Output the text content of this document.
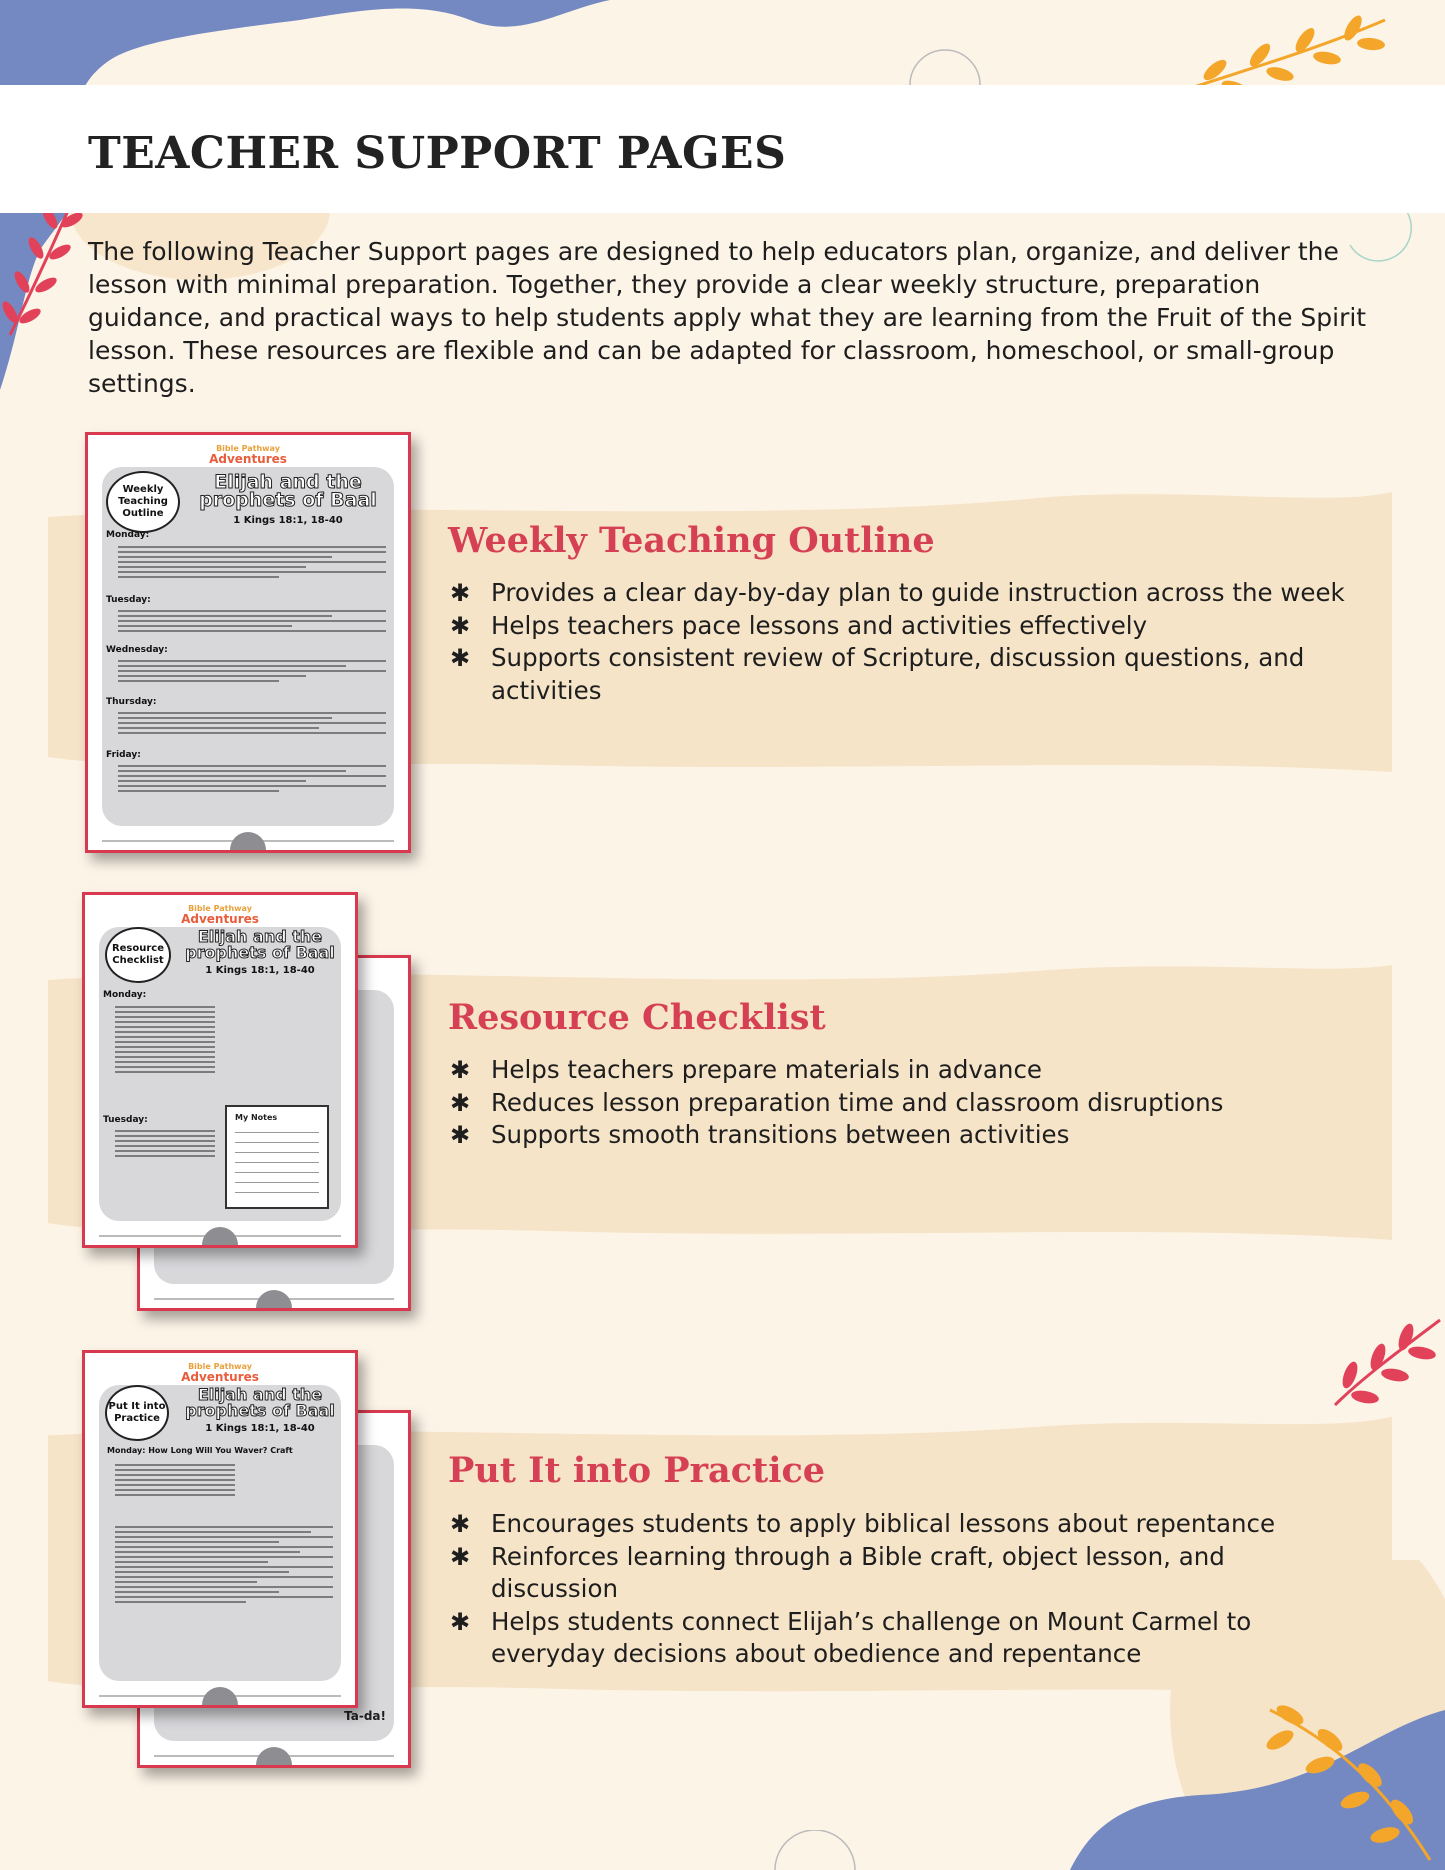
TEACHER SUPPORT PAGES

The following Teacher Support pages are designed to help educators plan, organize, and deliver the lesson with minimal preparation. Together, they provide a clear weekly structure, preparation guidance, and practical ways to help students apply what they are learning from the Fruit of the Spirit lesson. These resources are flexible and can be adapted for classroom, homeschool, or small-group settings.

Bible Pathway
Adventures
Weekly Teaching Outline
Elijah and the prophets of Baal
1 Kings 18:1, 18-40
Monday:
Tuesday:
Wednesday:
Thursday:
Friday:
Weekly Teaching Outline
✱ Provides a clear day-by-day plan to guide instruction across the week
✱ Helps teachers pace lessons and activities effectively
✱ Supports consistent review of Scripture, discussion questions, and activities
Bible Pathway
Adventures
Resource Checklist
Elijah and the prophets of Baal
1 Kings 18:1, 18-40
Monday:
Tuesday:	My Notes
Resource Checklist
✱ Helps teachers prepare materials in advance
✱ Reduces lesson preparation time and classroom disruptions
✱ Supports smooth transitions between activities
Ta-da!
Bible Pathway
Adventures
Put It into Practice
Elijah and the prophets of Baal
1 Kings 18:1, 18-40
Monday: How Long Will You Waver? Craft	Put It into Practice
✱ Encourages students to apply biblical lessons about repentance
✱ Reinforces learning through a Bible craft, object lesson, and discussion
✱ Helps students connect Elijah’s challenge on Mount Carmel to everyday decisions about obedience and repentance
